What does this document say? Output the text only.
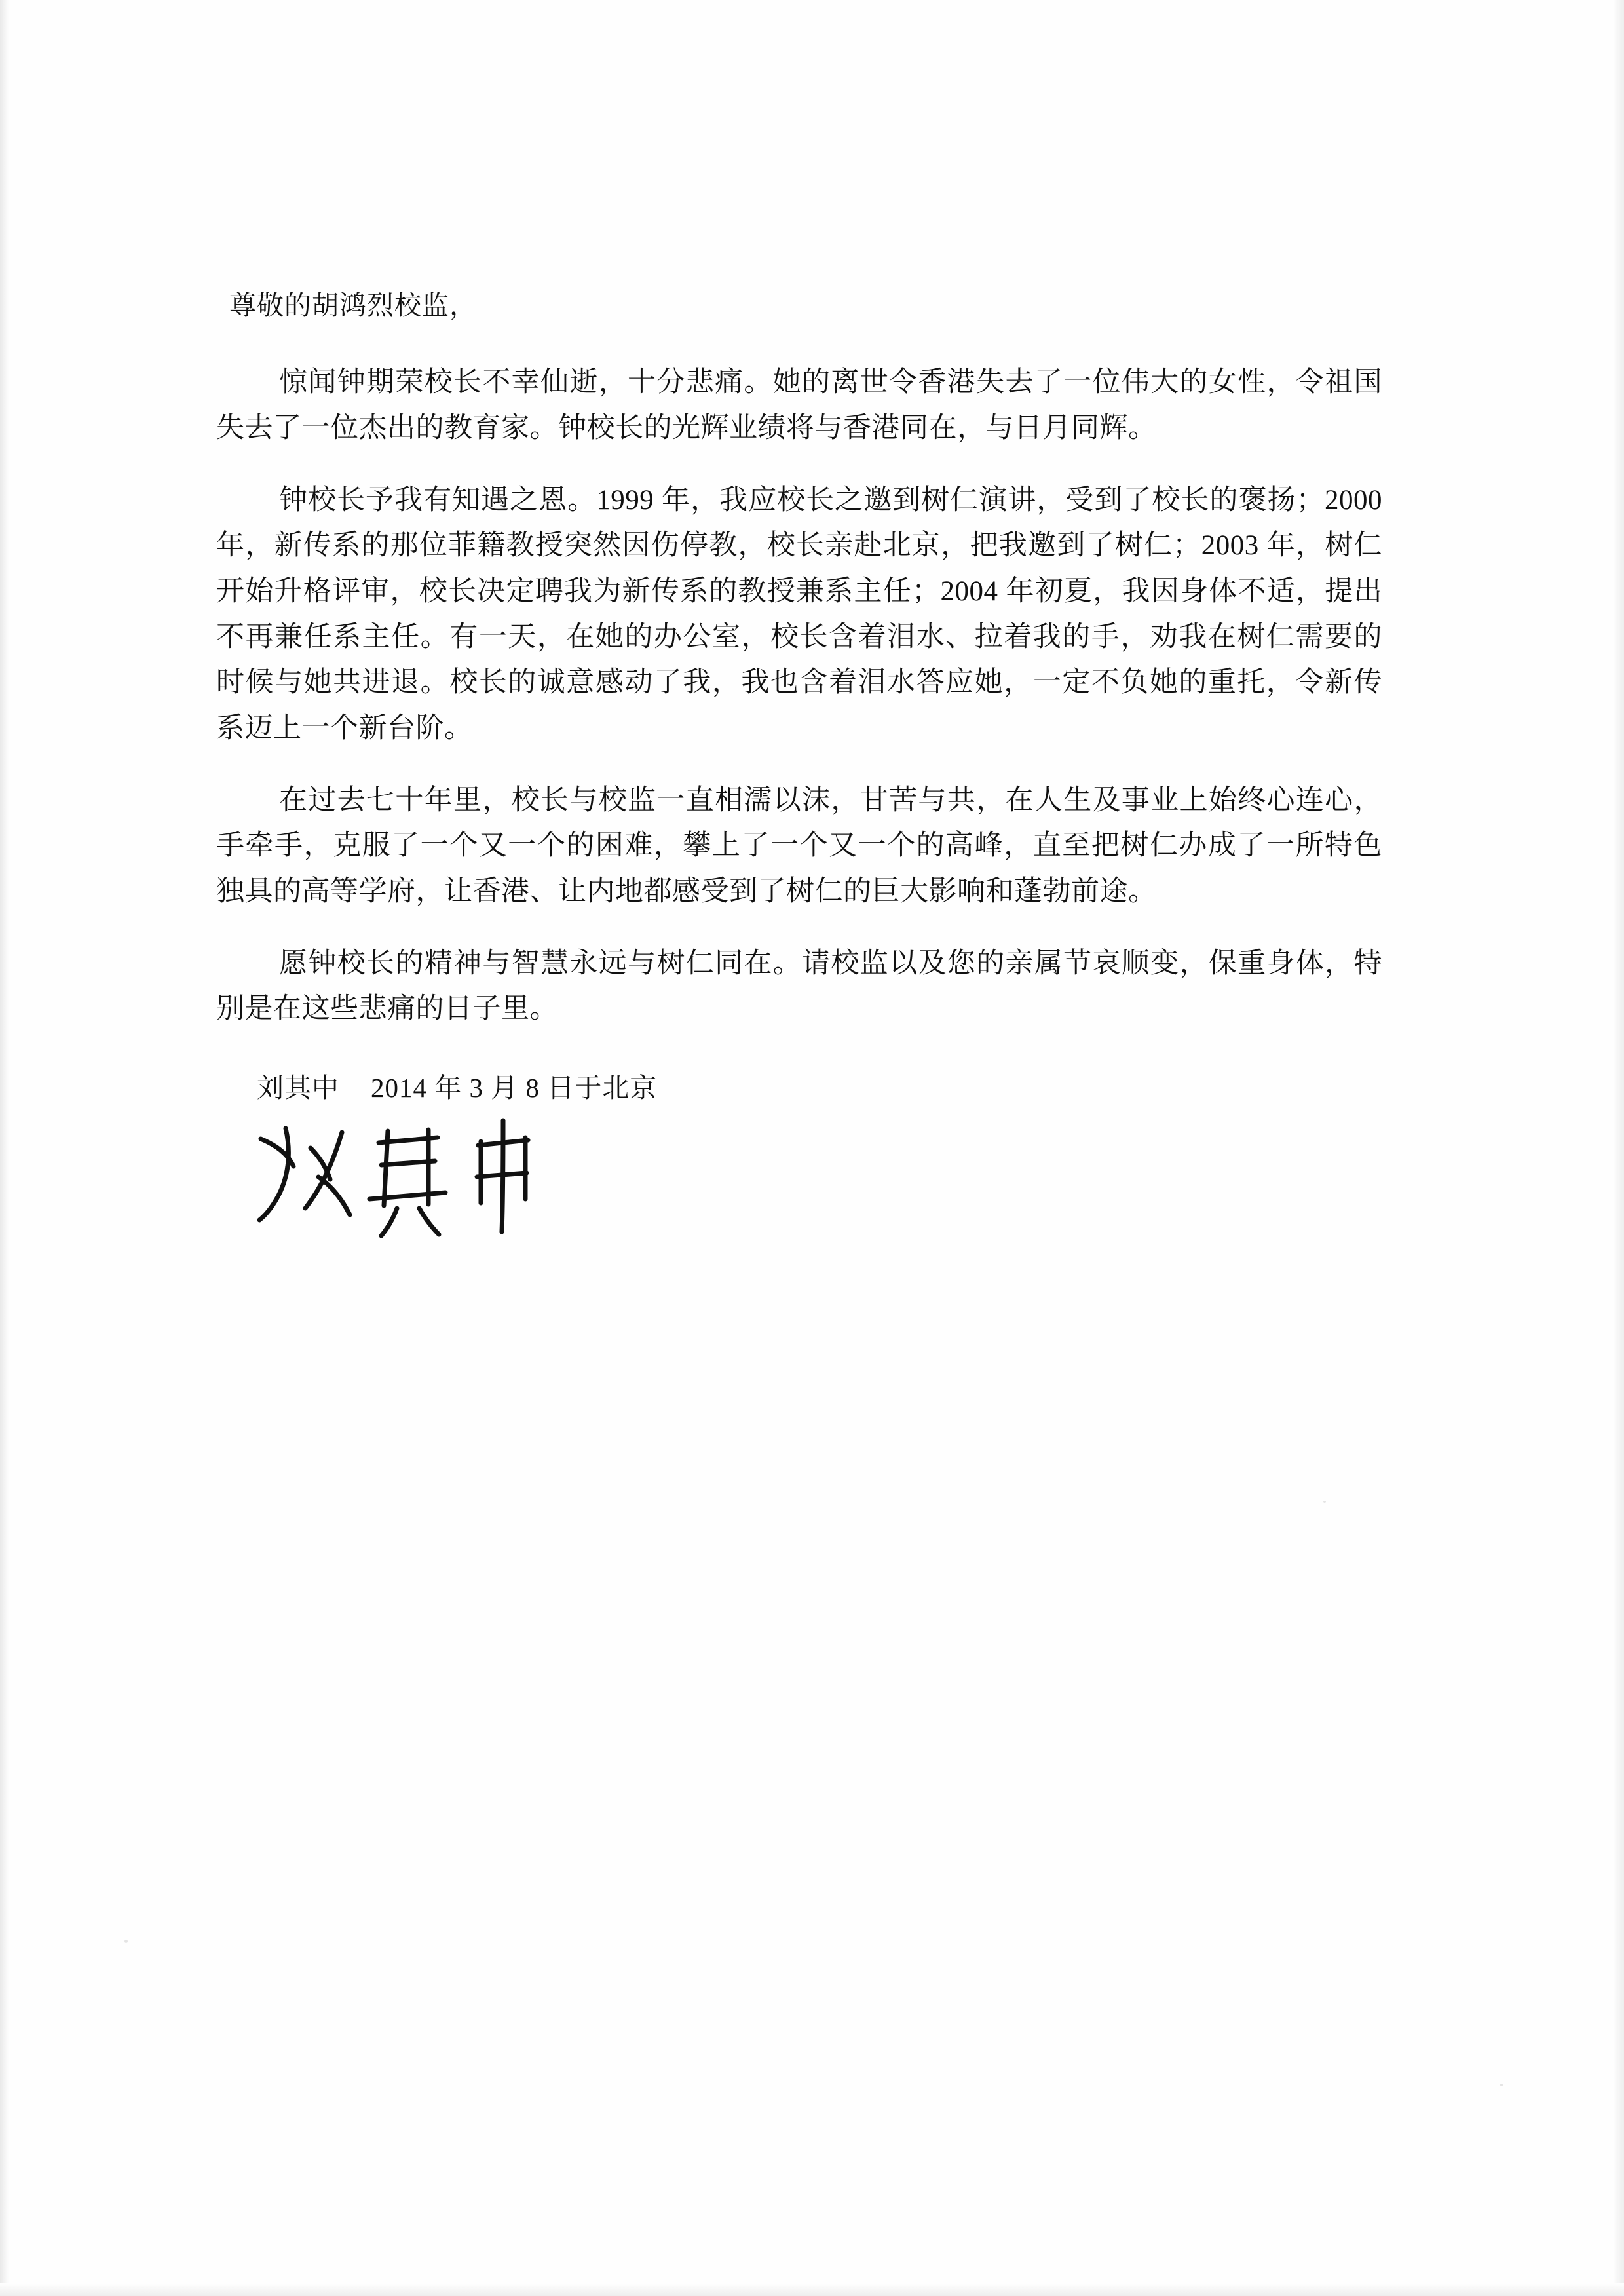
尊敬的胡鸿烈校监，

惊闻钟期荣校长不幸仙逝，十分悲痛。她的离世令香港失去了一位伟大的女性，令祖国失去了一位杰出的教育家。钟校长的光辉业绩将与香港同在，与日月同辉。

钟校长予我有知遇之恩。1999 年，我应校长之邀到树仁演讲，受到了校长的褒扬；2000 年，新传系的那位菲籍教授突然因伤停教，校长亲赴北京，把我邀到了树仁；2003 年，树仁开始升格评审，校长决定聘我为新传系的教授兼系主任；2004 年初夏，我因身体不适，提出不再兼任系主任。有一天，在她的办公室，校长含着泪水、拉着我的手，劝我在树仁需要的时候与她共进退。校长的诚意感动了我，我也含着泪水答应她，一定不负她的重托，令新传系迈上一个新台阶。

在过去七十年里，校长与校监一直相濡以沫，甘苦与共，在人生及事业上始终心连心，手牵手，克服了一个又一个的困难，攀上了一个又一个的高峰，直至把树仁办成了一所特色独具的高等学府，让香港、让内地都感受到了树仁的巨大影响和蓬勃前途。

愿钟校长的精神与智慧永远与树仁同在。请校监以及您的亲属节哀顺变，保重身体，特别是在这些悲痛的日子里。

刘其中 2014 年 3 月 8 日于北京
